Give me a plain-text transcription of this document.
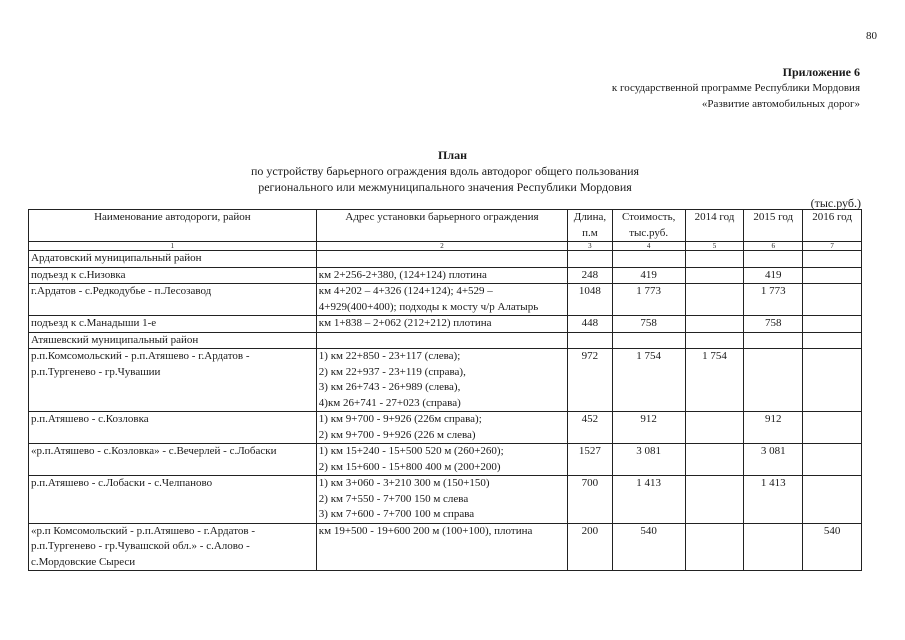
80
Приложение 6
к государственной программе Республики Мордовия
«Развитие автомобильных дорог»
План
по устройству барьерного ограждения вдоль автодорог общего пользования
регионального или межмуниципального значения Республики Мордовия
(тыс.руб.)
Наименование автодороги, район	Адрес установки барьерного ограждения	Длина, п.м	Стоимость, тыс.руб.	2014 год	2015 год	2016 год
1	2	3	4	5	6	7
Ардатовский муниципальный район						
подъезд к с.Низовка	км 2+256-2+380, (124+124) плотина	248	419		419	
г.Ардатов - с.Редкодубье - п.Лесозавод	км 4+202 – 4+326 (124+124); 4+529 – 4+929(400+400); подходы к мосту ч/р Алатырь	1048	1 773		1 773	
подъезд к с.Манадыши 1-е	км 1+838 – 2+062 (212+212) плотина	448	758		758	
Атяшевский муниципальный район						
р.п.Комсомольский - р.п.Атяшево - г.Ардатов - р.п.Тургенево - гр.Чувашии	1) км 22+850 - 23+117 (слева);
2) км 22+937 - 23+119 (справа),
3) км 26+743 - 26+989 (слева),
4)км 26+741 - 27+023 (справа)	972	1 754	1 754		
р.п.Атяшево - с.Козловка	1) км 9+700 - 9+926 (226м справа);
2) км 9+700 - 9+926 (226 м слева)	452	912		912	
«р.п.Атяшево - с.Козловка» - с.Вечерлей - с.Лобаски	1) км 15+240 - 15+500 520 м (260+260);
2) км 15+600 - 15+800 400 м (200+200)	1527	3 081		3 081	
р.п.Атяшево - с.Лобаски - с.Челпаново	1) км 3+060 - 3+210 300 м (150+150)
2) км 7+550 - 7+700 150 м слева
3) км 7+600 - 7+700 100 м справа	700	1 413		1 413	
«р.п Комсомольский - р.п.Атяшево - г.Ардатов - р.п.Тургенево - гр.Чувашской обл.» - с.Алово - с.Мордовские Сыреси	км 19+500 - 19+600 200 м (100+100), плотина	200	540			540
